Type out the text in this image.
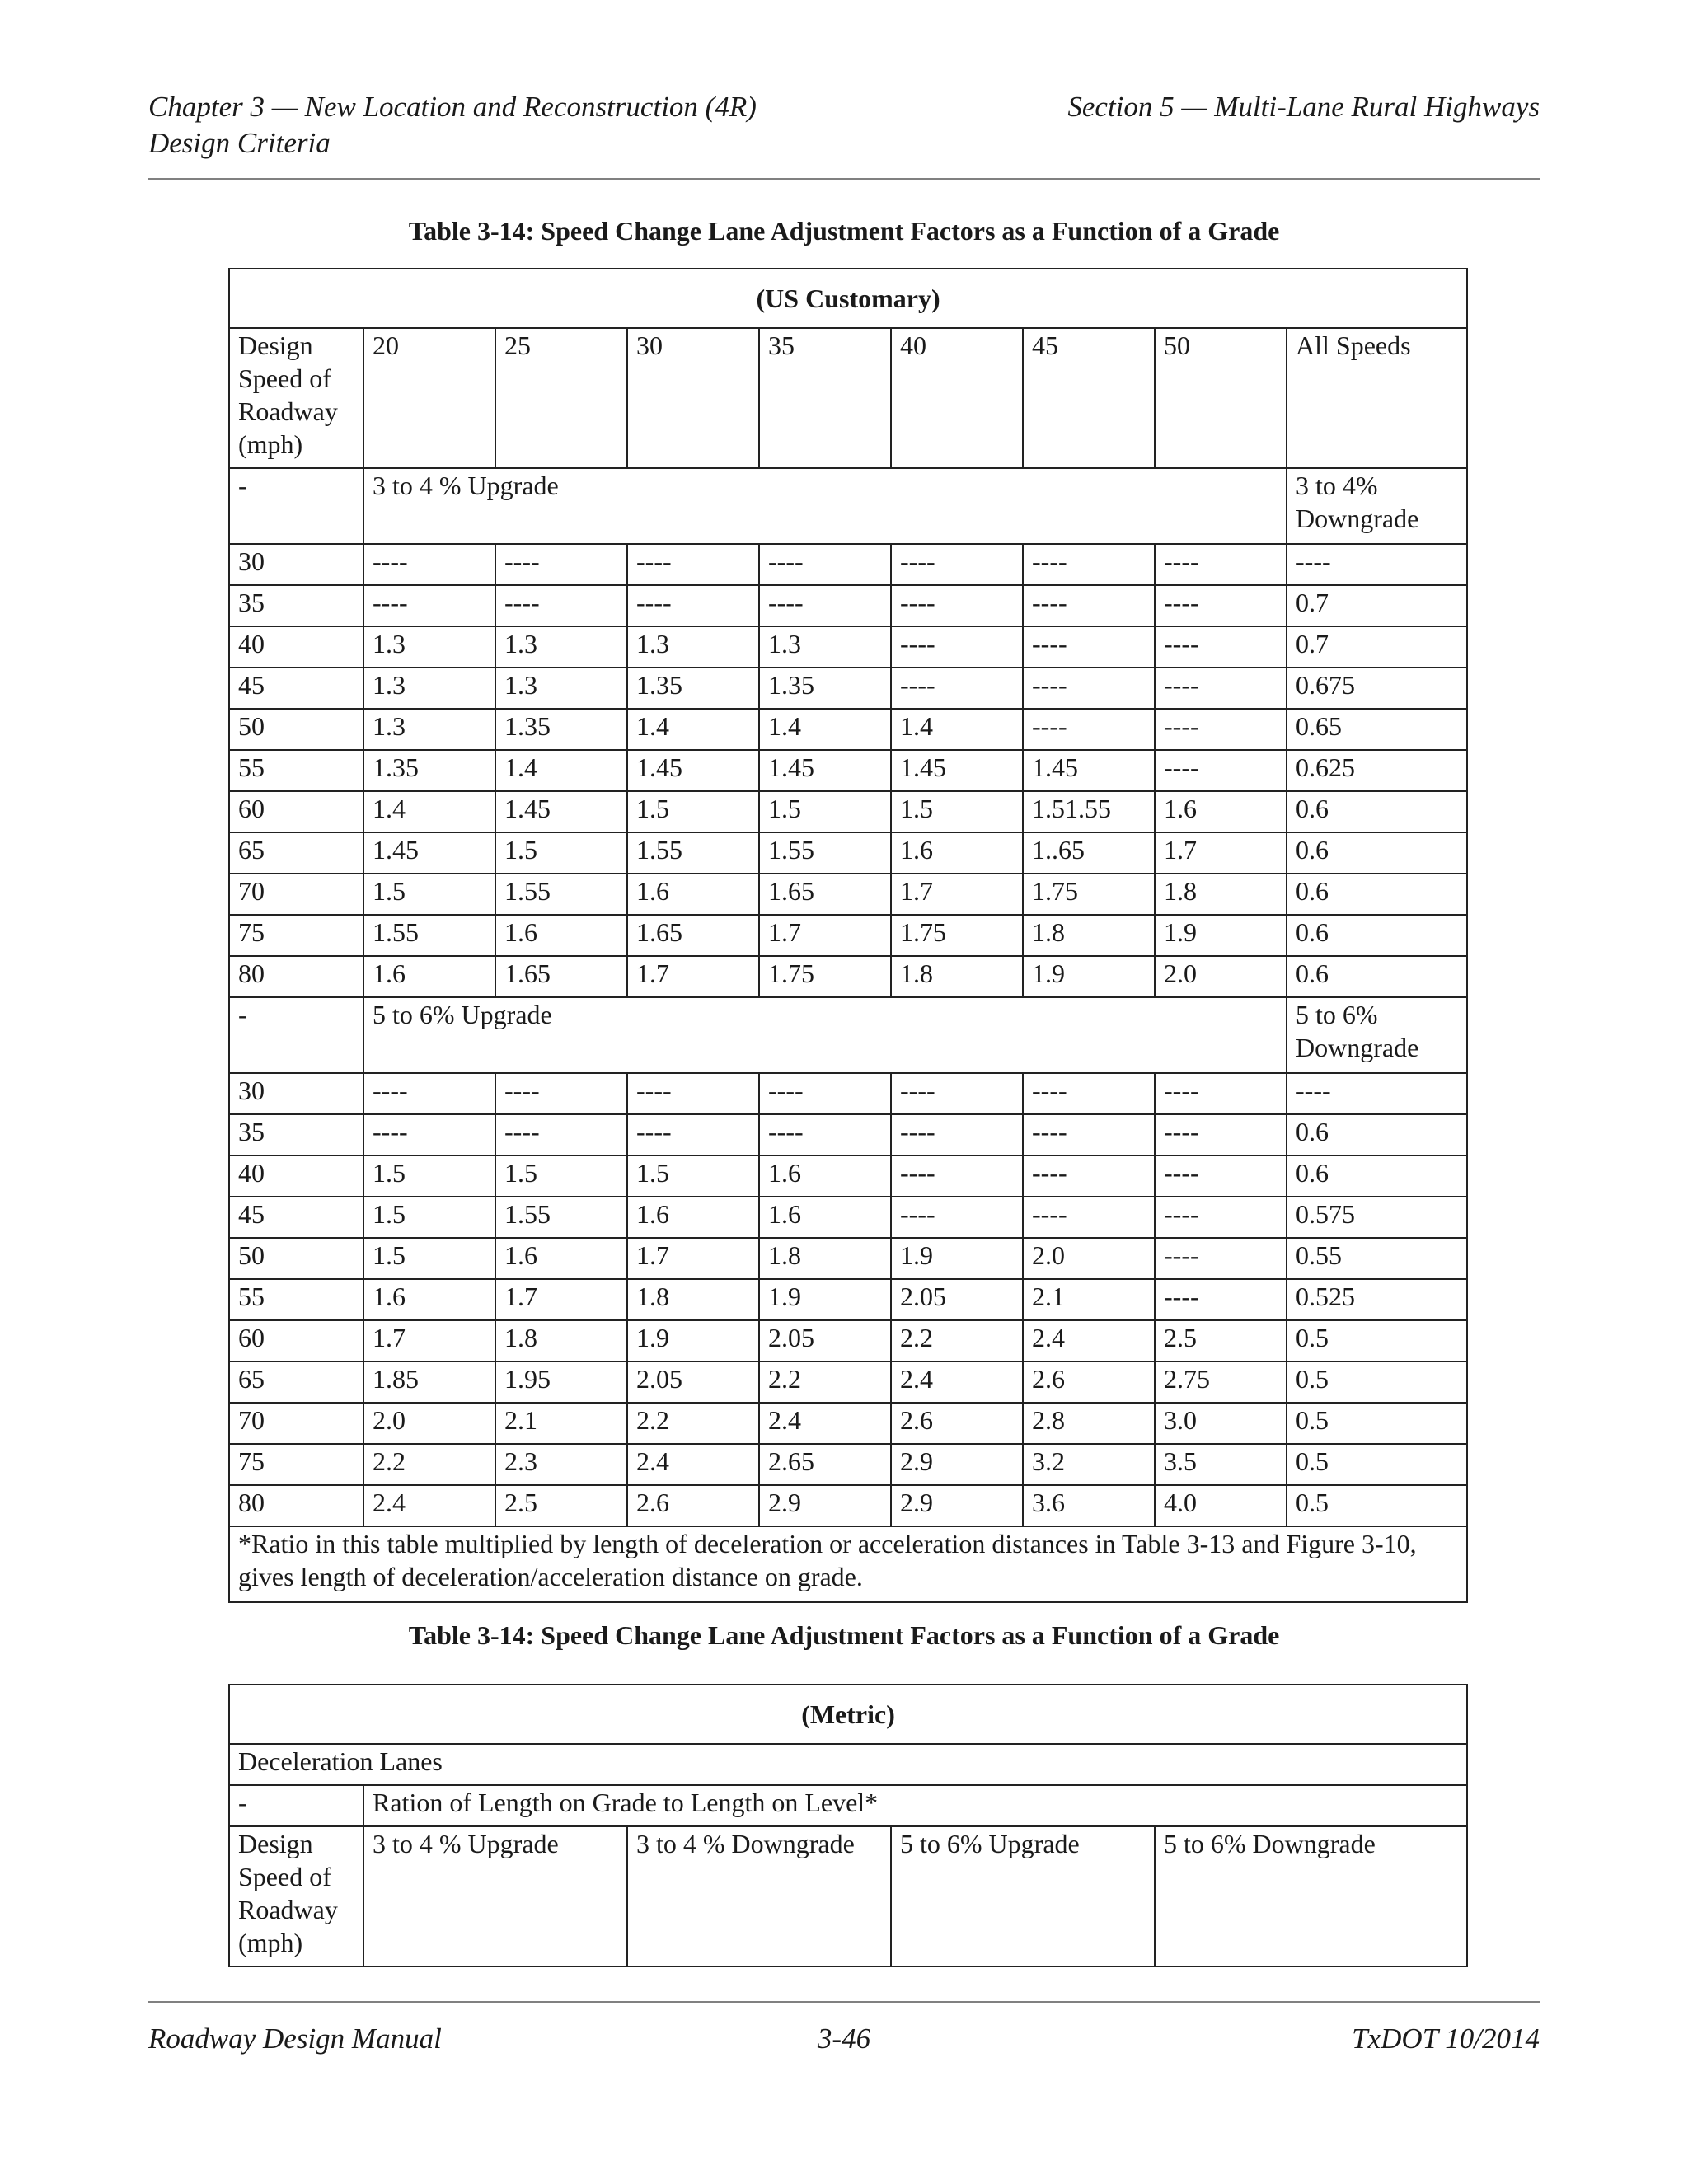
Chapter 3 — New Location and Reconstruction (4R)
Design Criteria
Section 5 — Multi-Lane Rural Highways
Table 3-14: Speed Change Lane Adjustment Factors as a Function of a Grade
(US Customary)								
Design Speed of Roadway (mph)	20	25	30	35	40	45	50	All Speeds
-	3 to 4 % Upgrade							3 to 4% Downgrade
30	----	----	----	----	----	----	----	----
35	----	----	----	----	----	----	----	0.7
40	1.3	1.3	1.3	1.3	----	----	----	0.7
45	1.3	1.3	1.35	1.35	----	----	----	0.675
50	1.3	1.35	1.4	1.4	1.4	----	----	0.65
55	1.35	1.4	1.45	1.45	1.45	1.45	----	0.625
60	1.4	1.45	1.5	1.5	1.5	1.51.55	1.6	0.6
65	1.45	1.5	1.55	1.55	1.6	1..65	1.7	0.6
70	1.5	1.55	1.6	1.65	1.7	1.75	1.8	0.6
75	1.55	1.6	1.65	1.7	1.75	1.8	1.9	0.6
80	1.6	1.65	1.7	1.75	1.8	1.9	2.0	0.6
-	5 to 6% Upgrade							5 to 6% Downgrade
30	----	----	----	----	----	----	----	----
35	----	----	----	----	----	----	----	0.6
40	1.5	1.5	1.5	1.6	----	----	----	0.6
45	1.5	1.55	1.6	1.6	----	----	----	0.575
50	1.5	1.6	1.7	1.8	1.9	2.0	----	0.55
55	1.6	1.7	1.8	1.9	2.05	2.1	----	0.525
60	1.7	1.8	1.9	2.05	2.2	2.4	2.5	0.5
65	1.85	1.95	2.05	2.2	2.4	2.6	2.75	0.5
70	2.0	2.1	2.2	2.4	2.6	2.8	3.0	0.5
75	2.2	2.3	2.4	2.65	2.9	3.2	3.5	0.5
80	2.4	2.5	2.6	2.9	2.9	3.6	4.0	0.5
*Ratio in this table multiplied by length of deceleration or acceleration distances in Table 3-13 and Figure 3-10, gives length of deceleration/acceleration distance on grade.								
Table 3-14: Speed Change Lane Adjustment Factors as a Function of a Grade
(Metric)				
Deceleration Lanes				
-	Ration of Length on Grade to Length on Level*			
Design Speed of Roadway (mph)	3 to 4 % Upgrade	3 to 4 % Downgrade	5 to 6% Upgrade	5 to 6% Downgrade
Roadway Design Manual	3-46	TxDOT 10/2014
